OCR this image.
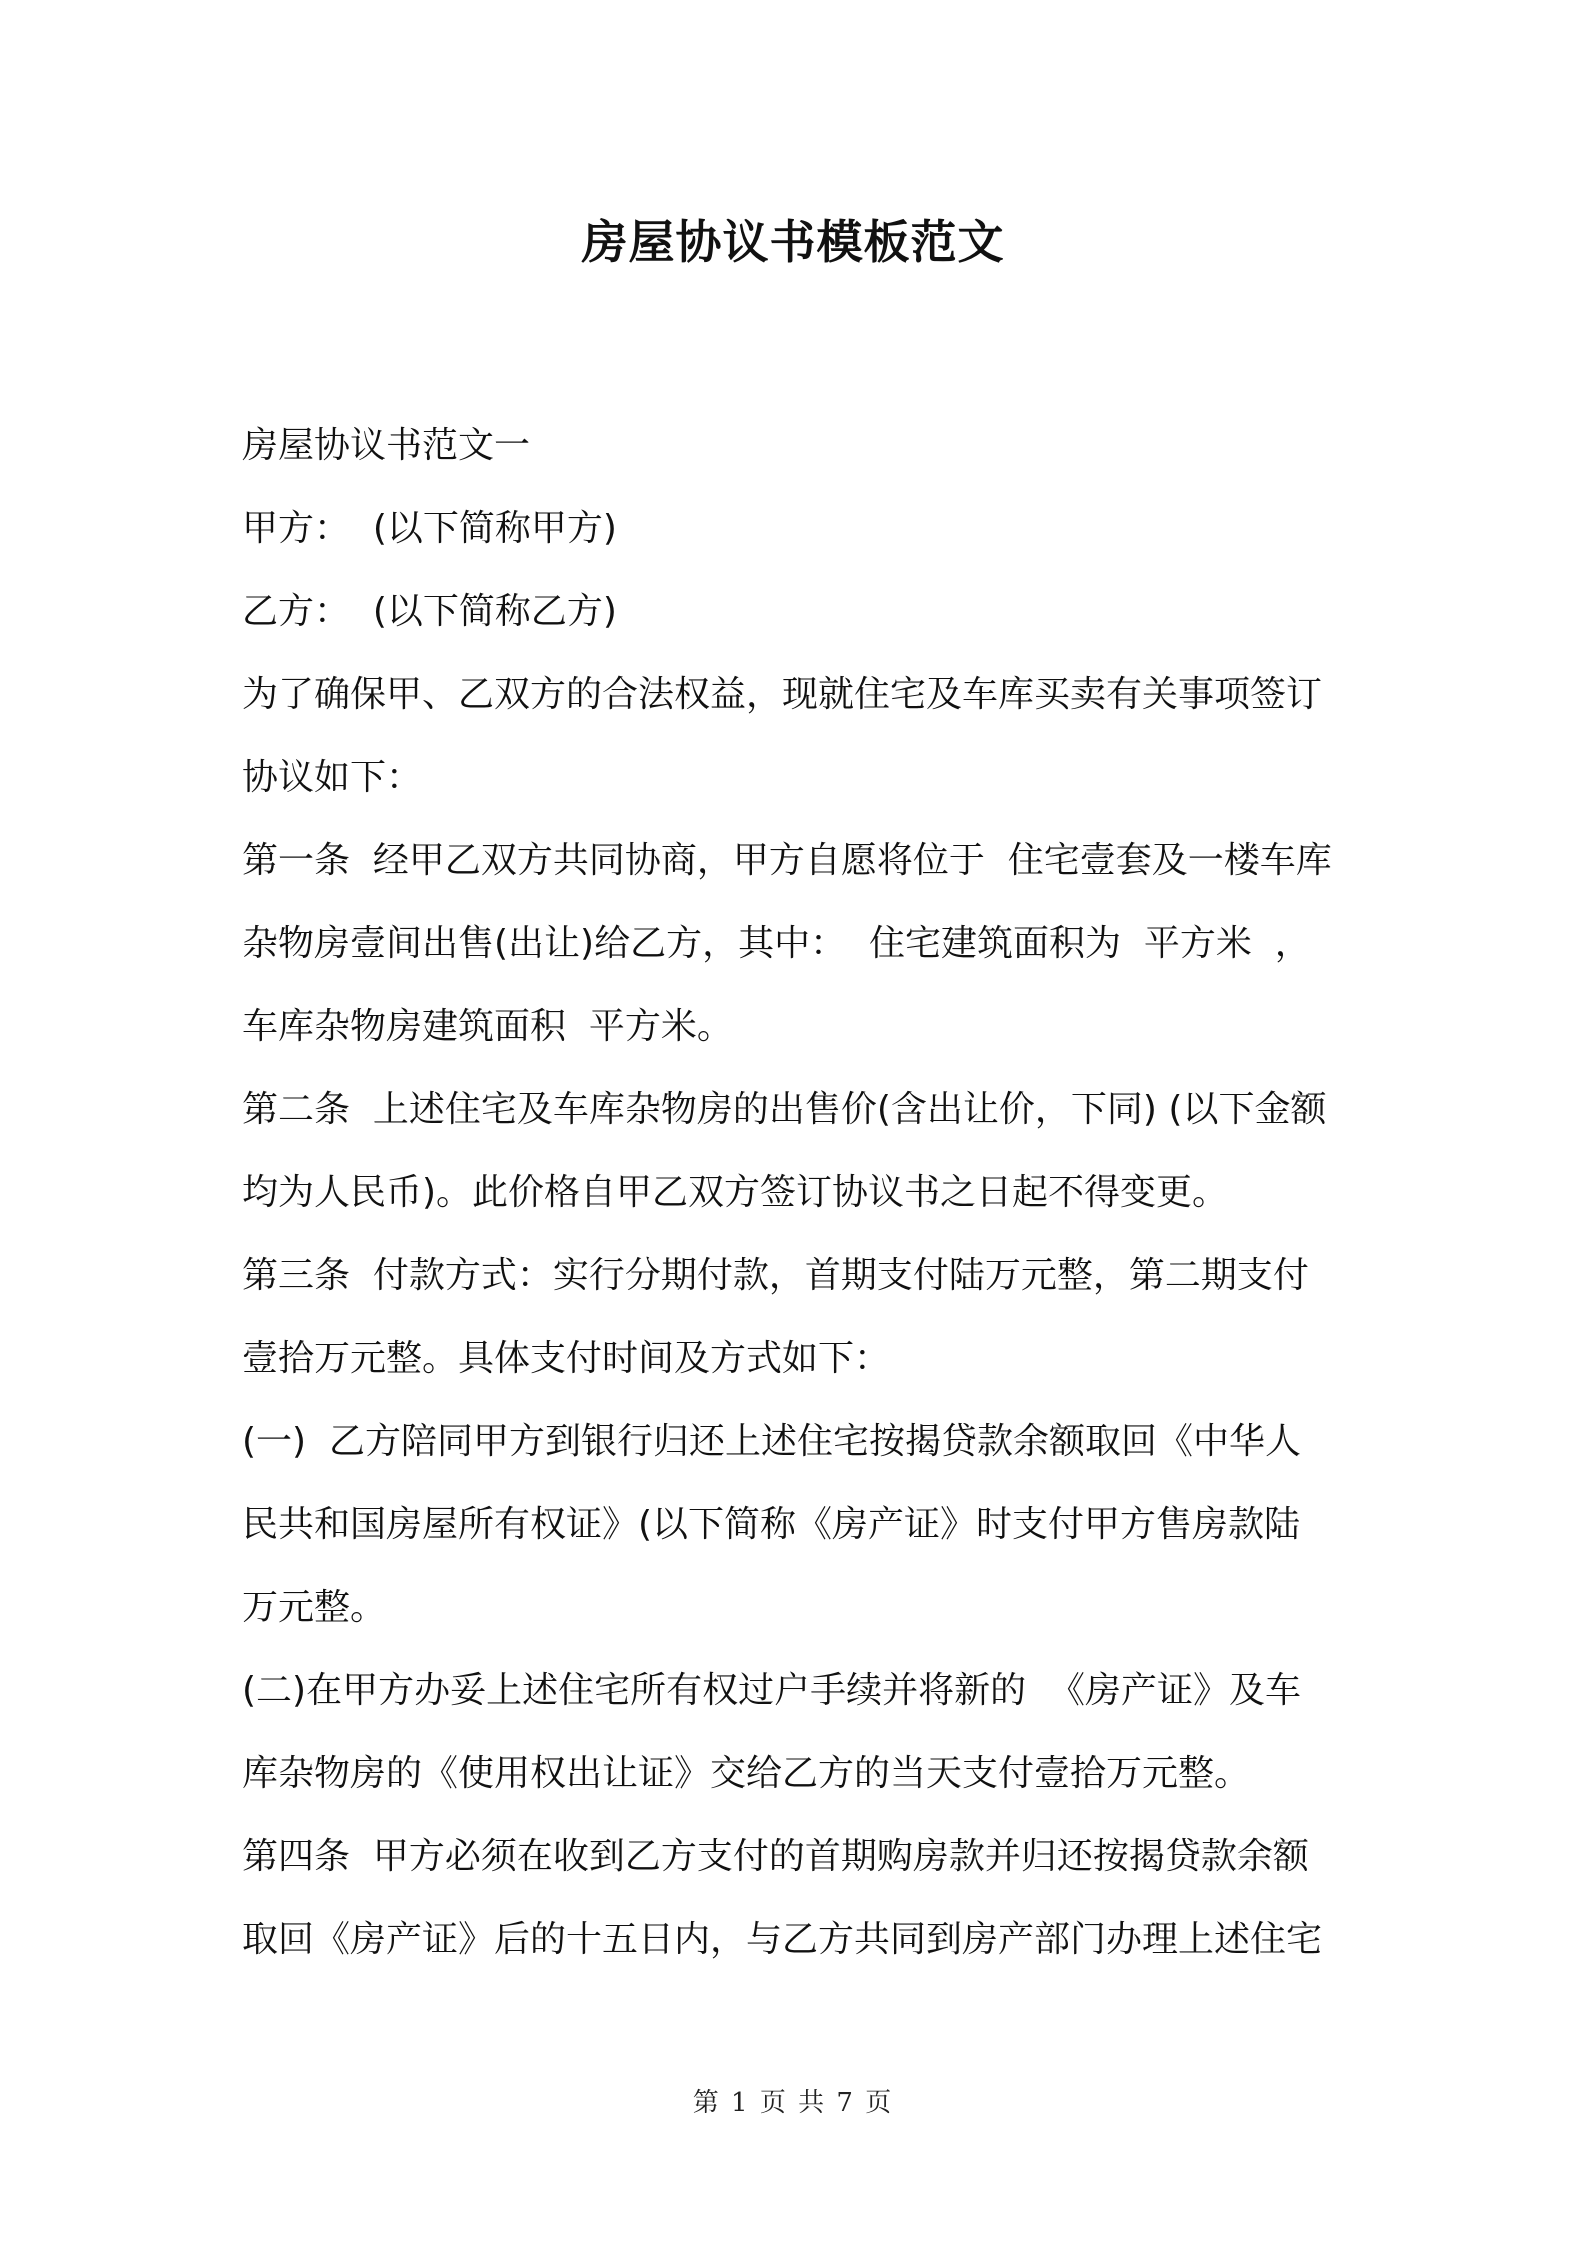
房屋协议书模板范文
房屋协议书范文一
甲方：  (以下简称甲方)
乙方：  (以下简称乙方)
为了确保甲、乙双方的合法权益，现就住宅及车库买卖有关事项签订
协议如下：
第一条  经甲乙双方共同协商，甲方自愿将位于  住宅壹套及一楼车库
杂物房壹间出售(出让)给乙方，其中：  住宅建筑面积为  平方米  ，
车库杂物房建筑面积  平方米。
第二条  上述住宅及车库杂物房的出售价(含出让价，下同) (以下金额
均为人民币)。此价格自甲乙双方签订协议书之日起不得变更。
第三条  付款方式：实行分期付款，首期支付陆万元整，第二期支付
壹拾万元整。具体支付时间及方式如下：
(一)  乙方陪同甲方到银行归还上述住宅按揭贷款余额取回《中华人
民共和国房屋所有权证》(以下简称《房产证》时支付甲方售房款陆
万元整。
(二)在甲方办妥上述住宅所有权过户手续并将新的  《房产证》及车
库杂物房的《使用权出让证》交给乙方的当天支付壹拾万元整。
第四条  甲方必须在收到乙方支付的首期购房款并归还按揭贷款余额
取回《房产证》后的十五日内，与乙方共同到房产部门办理上述住宅
第 1 页 共 7 页
